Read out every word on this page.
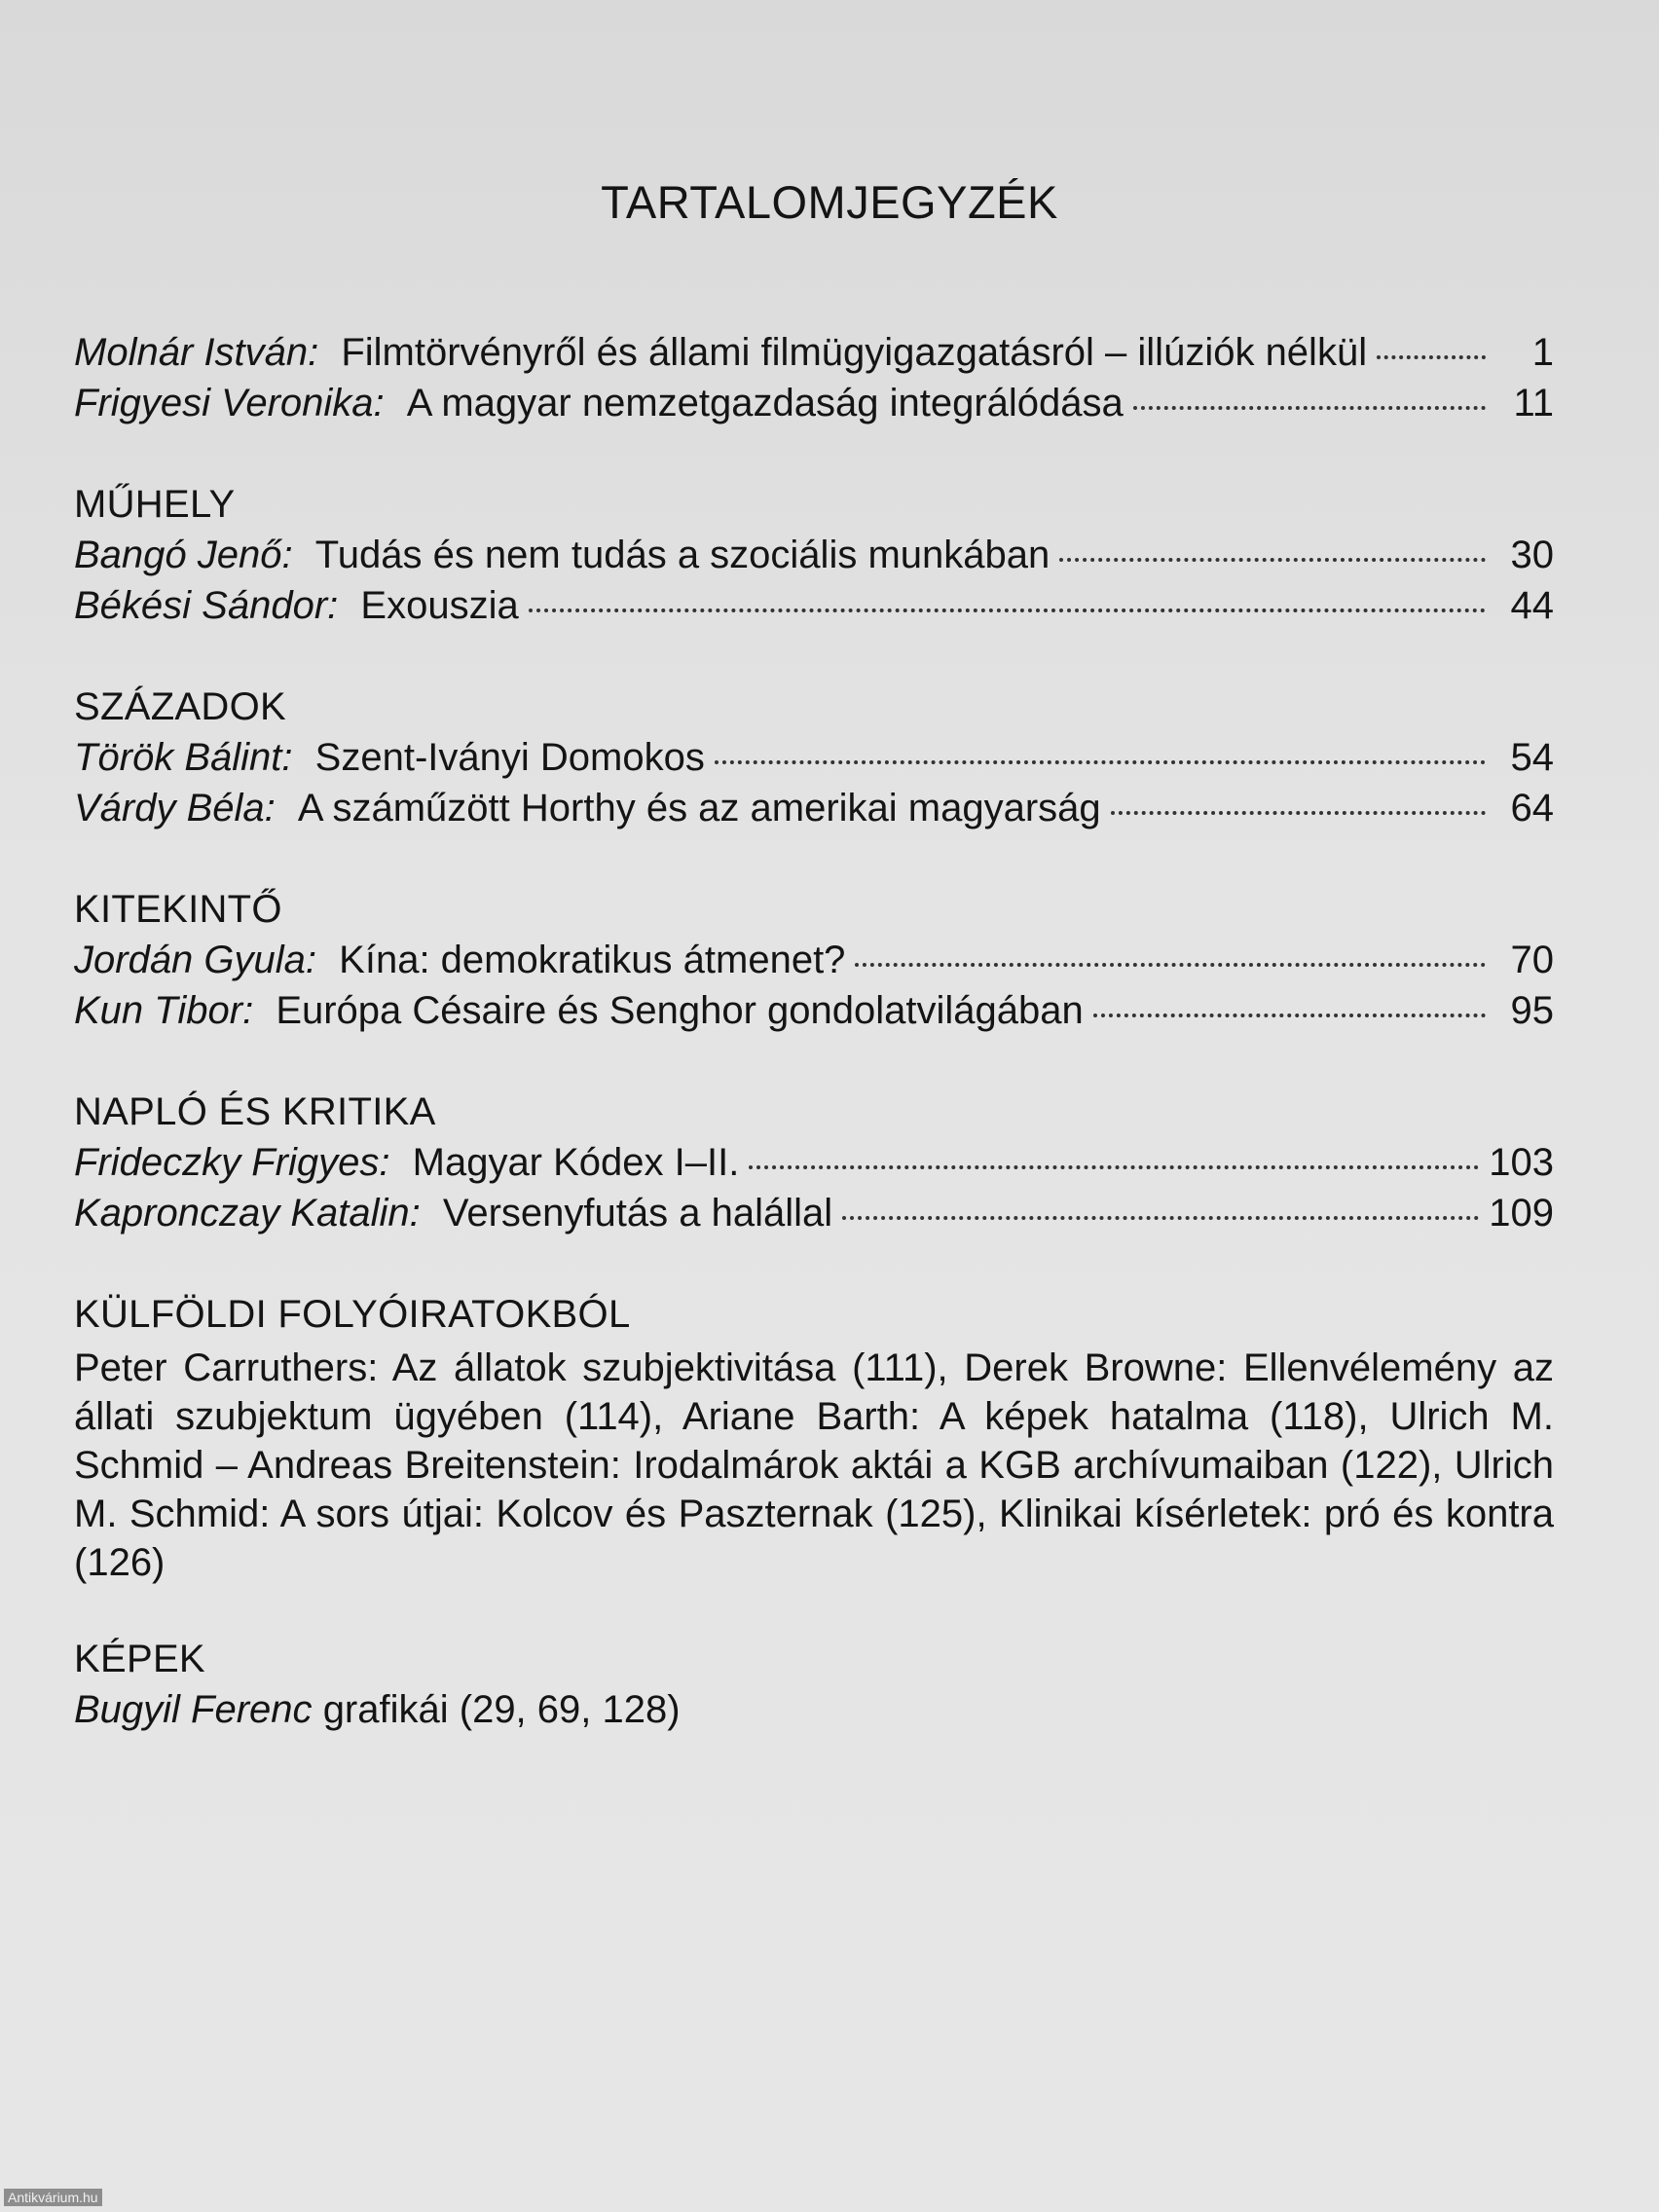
TARTALOMJEGYZÉK
Molnár István:
Filmtörvényről és állami filmügyigazgatásról – illúziók nélkül	1
Frigyesi Veronika:
A magyar nemzetgazdaság integrálódása	11
MŰHELY
Bangó Jenő:
Tudás és nem tudás a szociális munkában	30
Békési Sándor:
Exouszia	44
SZÁZADOK
Török Bálint:
Szent-Iványi Domokos	54
Várdy Béla:
A száműzött Horthy és az amerikai magyarság	64
KITEKINTŐ
Jordán Gyula:
Kína: demokratikus átmenet?	70
Kun Tibor:
Európa Césaire és Senghor gondolatvilágában	95
NAPLÓ ÉS KRITIKA
Frideczky Frigyes:
Magyar Kódex I–II.	103
Kapronczay Katalin:
Versenyfutás a halállal	109
KÜLFÖLDI FOLYÓIRATOKBÓL
Peter Carruthers: Az állatok szubjektivitása (111), Derek Browne: Ellenvélemény az állati szubjektum ügyében (114), Ariane Barth: A képek hatalma (118), Ulrich M. Schmid – Andreas Breitenstein: Irodalmárok aktái a KGB archívumaiban (122), Ulrich M. Schmid: A sors útjai: Kolcov és Paszternak (125), Klinikai kísérletek: pró és kontra (126)
KÉPEK
Bugyil Ferenc grafikái (29, 69, 128)
Antikvárium.hu
